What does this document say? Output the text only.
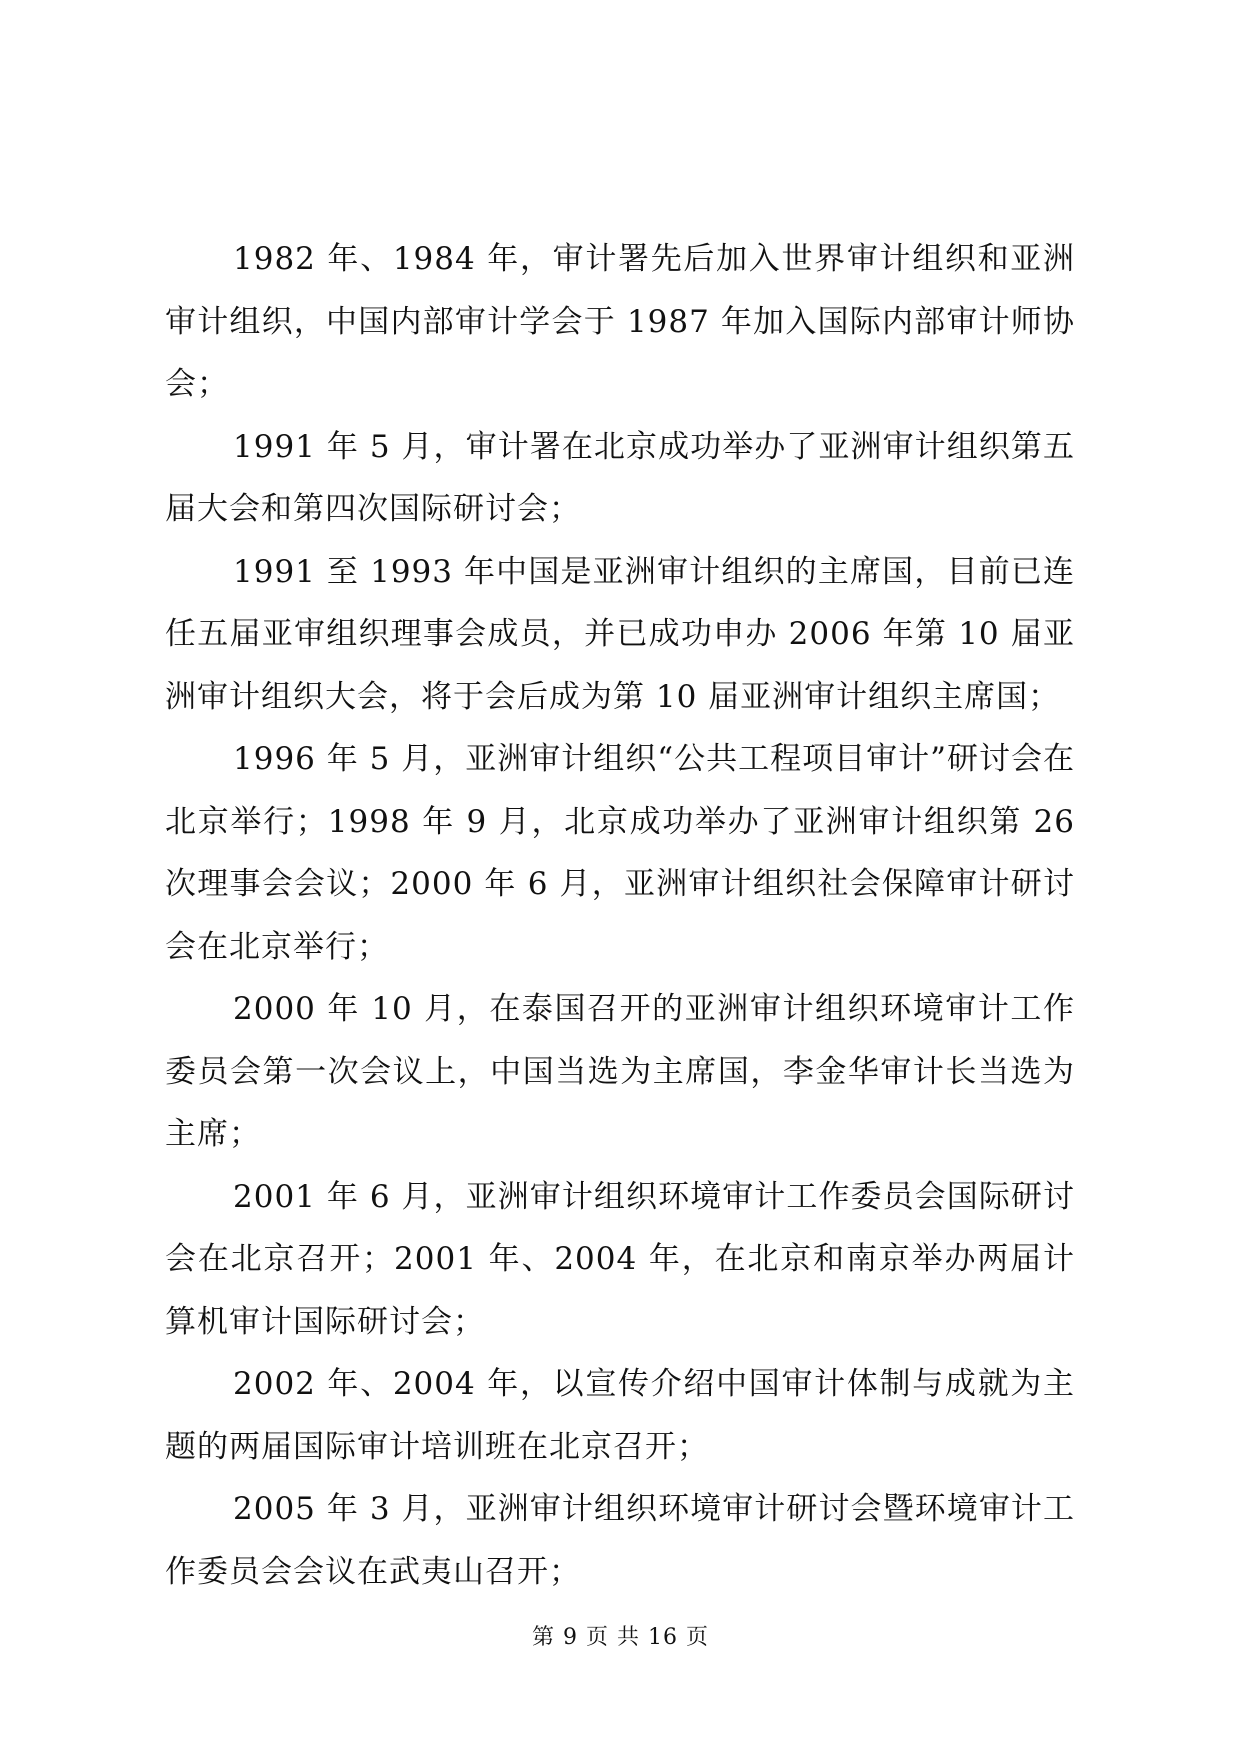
1982 年、1984 年，审计署先后加入世界审计组织和亚洲审计组织，中国内部审计学会于 1987 年加入国际内部审计师协会；

1991 年 5 月，审计署在北京成功举办了亚洲审计组织第五届大会和第四次国际研讨会；

1991 至 1993 年中国是亚洲审计组织的主席国，目前已连任五届亚审组织理事会成员，并已成功申办 2006 年第 10 届亚洲审计组织大会，将于会后成为第 10 届亚洲审计组织主席国；

1996 年 5 月，亚洲审计组织“公共工程项目审计”研讨会在北京举行；1998 年 9 月，北京成功举办了亚洲审计组织第 26 次理事会会议；2000 年 6 月，亚洲审计组织社会保障审计研讨会在北京举行；

2000 年 10 月，在泰国召开的亚洲审计组织环境审计工作委员会第一次会议上，中国当选为主席国，李金华审计长当选为主席；

2001 年 6 月，亚洲审计组织环境审计工作委员会国际研讨会在北京召开；2001 年、2004 年，在北京和南京举办两届计算机审计国际研讨会；

2002 年、2004 年，以宣传介绍中国审计体制与成就为主题的两届国际审计培训班在北京召开；

2005 年 3 月，亚洲审计组织环境审计研讨会暨环境审计工作委员会会议在武夷山召开；

第 9 页 共 16 页
